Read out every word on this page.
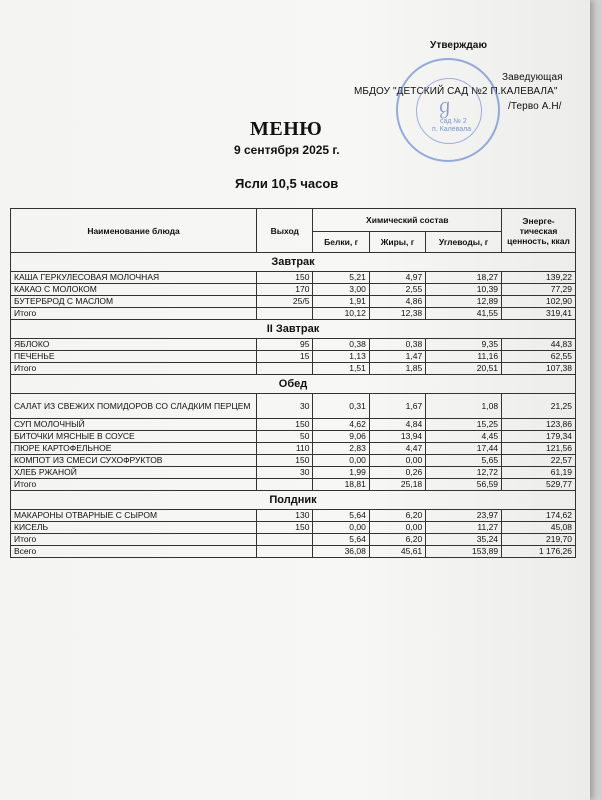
Утверждаю
Заведующая
МБДОУ "ДЕТСКИЙ САД №2 П.КАЛЕВАЛА"
/Терво А.Н/
ℊ
сад № 2
п. Калевала
МЕНЮ
9 сентября 2025 г.
Ясли 10,5 часов
Наименование блюда	Выход	Химический состав			Энерге-тическая ценность, ккал
		Белки, г	Жиры, г	Углеводы, г	
Завтрак					
КАША ГЕРКУЛЕСОВАЯ МОЛОЧНАЯ	150	5,21	4,97	18,27	139,22
КАКАО С МОЛОКОМ	170	3,00	2,55	10,39	77,29
БУТЕРБРОД С МАСЛОМ	25/5	1,91	4,86	12,89	102,90
Итого		10,12	12,38	41,55	319,41
II Завтрак					
ЯБЛОКО	95	0,38	0,38	9,35	44,83
ПЕЧЕНЬЕ	15	1,13	1,47	11,16	62,55
Итого		1,51	1,85	20,51	107,38
Обед					
САЛАТ ИЗ СВЕЖИХ ПОМИДОРОВ СО СЛАДКИМ ПЕРЦЕМ	30	0,31	1,67	1,08	21,25
СУП МОЛОЧНЫЙ	150	4,62	4,84	15,25	123,86
БИТОЧКИ МЯСНЫЕ В СОУСЕ	50	9,06	13,94	4,45	179,34
ПЮРЕ КАРТОФЕЛЬНОЕ	110	2,83	4,47	17,44	121,56
КОМПОТ ИЗ СМЕСИ СУХОФРУКТОВ	150	0,00	0,00	5,65	22,57
ХЛЕБ РЖАНОЙ	30	1,99	0,26	12,72	61,19
Итого		18,81	25,18	56,59	529,77
Полдник					
МАКАРОНЫ ОТВАРНЫЕ С СЫРОМ	130	5,64	6,20	23,97	174,62
КИСЕЛЬ	150	0,00	0,00	11,27	45,08
Итого		5,64	6,20	35,24	219,70
Всего		36,08	45,61	153,89	1 176,26
